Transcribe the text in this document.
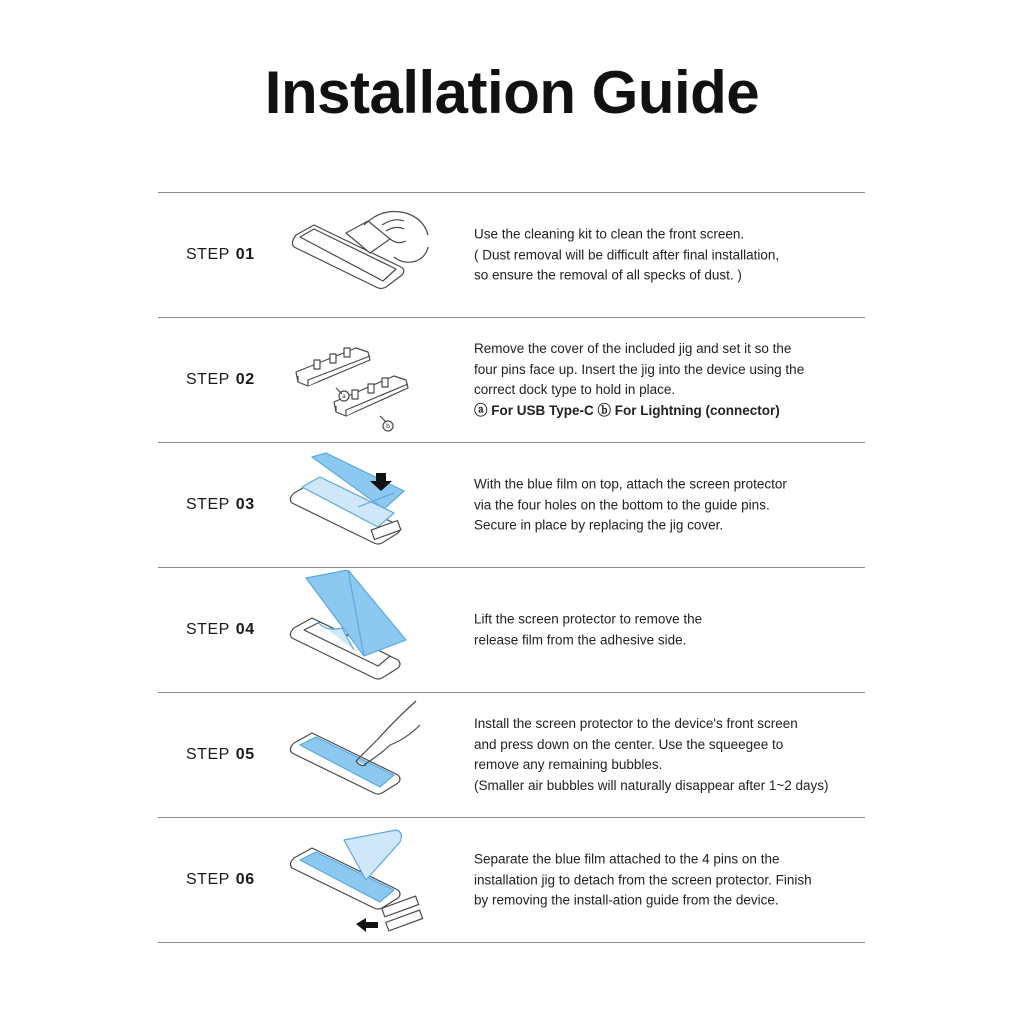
Installation Guide
STEP 01
Use the cleaning kit to clean the front screen.
( Dust removal will be difficult after final installation,
so ensure the removal of all specks of dust. )
STEP 02
a
b
Remove the cover of the included jig and set it so the
four pins face up. Insert the jig into the device using the
correct dock type to hold in place.
ⓐ For USB Type-C ⓑ For Lightning (connector)
STEP 03
With the blue film on top, attach the screen protector
via the four holes on the bottom to the guide pins.
Secure in place by replacing the jig cover.
STEP 04
Lift the screen protector to remove the
release film from the adhesive side.
STEP 05
Install the screen protector to the device's front screen
and press down on the center. Use the squeegee to
remove any remaining bubbles.
(Smaller air bubbles will naturally disappear after 1~2 days)
STEP 06
Separate the blue film attached to the 4 pins on the
installation jig to detach from the screen protector. Finish
by removing the install-ation guide from the device.
